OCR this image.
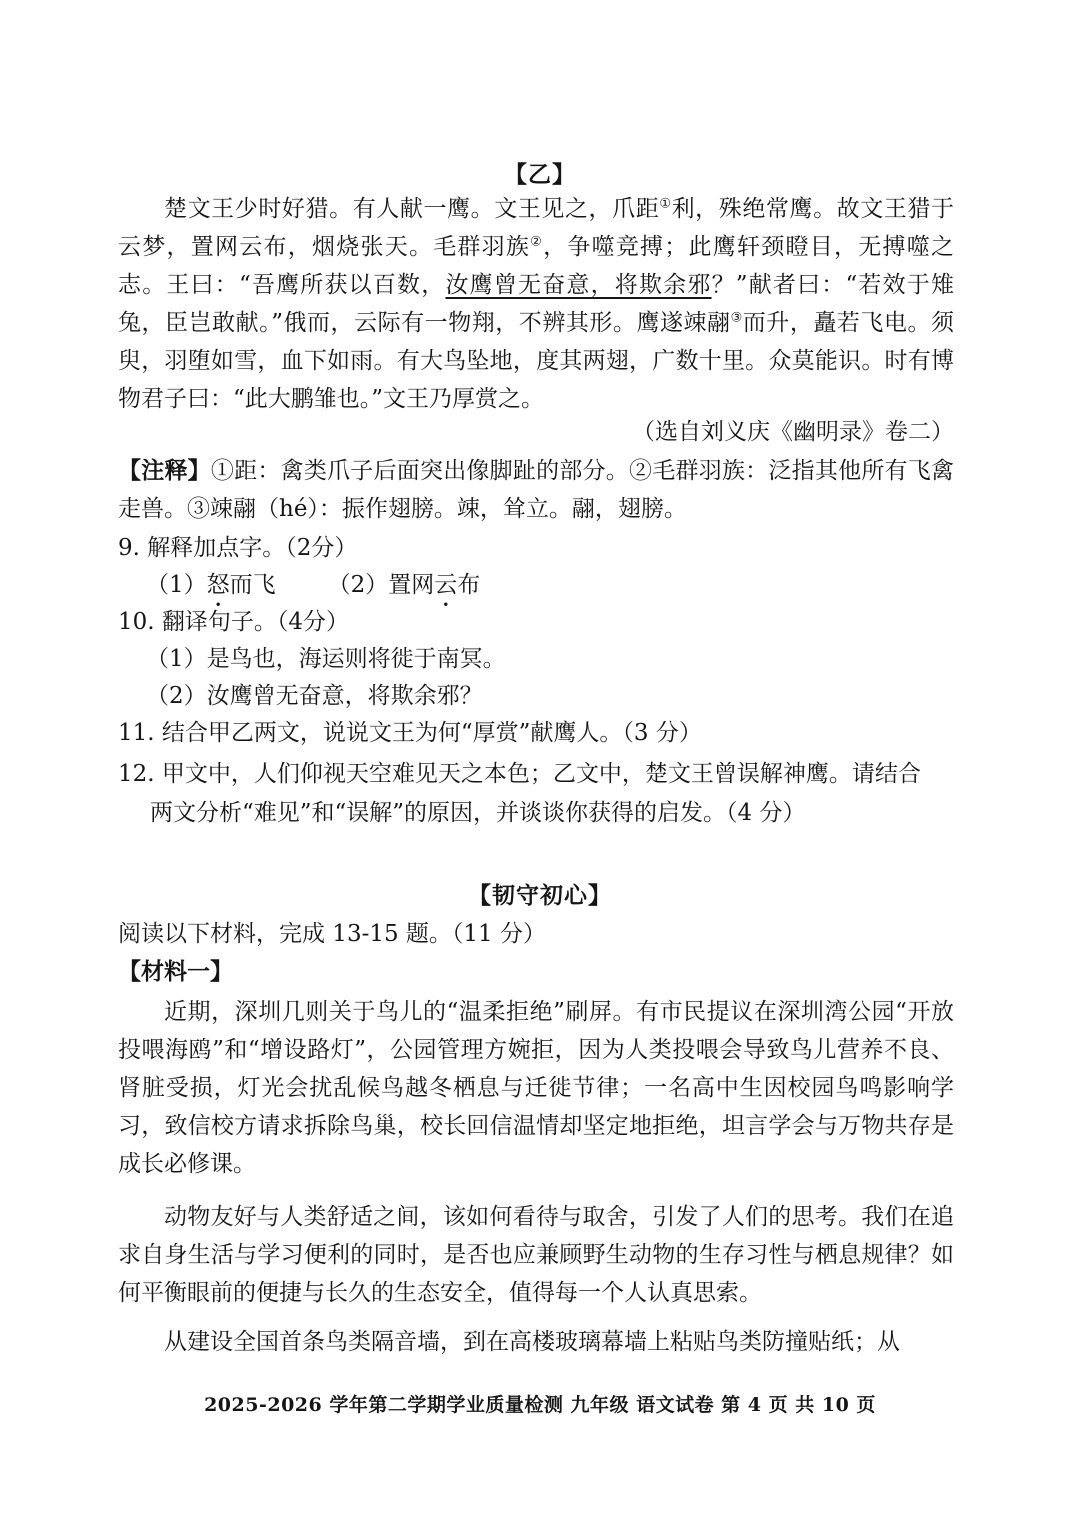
【乙】
楚文王少时好猎。有人献一鹰。文王见之，爪距①利，殊绝常鹰。故文王猎于云梦，置网云布，烟烧张天。毛群羽族②，争噬竞搏；此鹰轩颈瞪目，无搏噬之志。王曰：“吾鹰所获以百数，汝鹰曾无奋意，将欺余邪？”献者曰：“若效于雉兔，臣岂敢献。”俄而，云际有一物翔，不辨其形。鹰遂竦翮③而升，矗若飞电。须臾，羽堕如雪，血下如雨。有大鸟坠地，度其两翅，广数十里。众莫能识。时有博物君子曰：“此大鹏雏也。”文王乃厚赏之。
（选自刘义庆《幽明录》卷二）
【注释】①距：禽类爪子后面突出像脚趾的部分。②毛群羽族：泛指其他所有飞禽走兽。③竦翮（hé）：振作翅膀。竦，耸立。翮，翅膀。
9. 解释加点字。（2分）
（1）怒而飞 （2）置网云布
10. 翻译句子。（4分）
（1）是鸟也，海运则将徙于南冥。
（2）汝鹰曾无奋意，将欺余邪？
11. 结合甲乙两文，说说文王为何“厚赏”献鹰人。（3 分）
12. 甲文中，人们仰视天空难见天之本色；乙文中，楚文王曾误解神鹰。请结合
两文分析“难见”和“误解”的原因，并谈谈你获得的启发。（4 分）
【韧守初心】
阅读以下材料，完成 13-15 题。（11 分）
【材料一】
近期，深圳几则关于鸟儿的“温柔拒绝”刷屏。有市民提议在深圳湾公园“开放投喂海鸥”和“增设路灯”，公园管理方婉拒，因为人类投喂会导致鸟儿营养不良、肾脏受损，灯光会扰乱候鸟越冬栖息与迁徙节律；一名高中生因校园鸟鸣影响学习，致信校方请求拆除鸟巢，校长回信温情却坚定地拒绝，坦言学会与万物共存是成长必修课。
动物友好与人类舒适之间，该如何看待与取舍，引发了人们的思考。我们在追求自身生活与学习便利的同时，是否也应兼顾野生动物的生存习性与栖息规律？如何平衡眼前的便捷与长久的生态安全，值得每一个人认真思索。
从建设全国首条鸟类隔音墙，到在高楼玻璃幕墙上粘贴鸟类防撞贴纸；从
2025-2026 学年第二学期学业质量检测 九年级 语文试卷 第 4 页 共 10 页
